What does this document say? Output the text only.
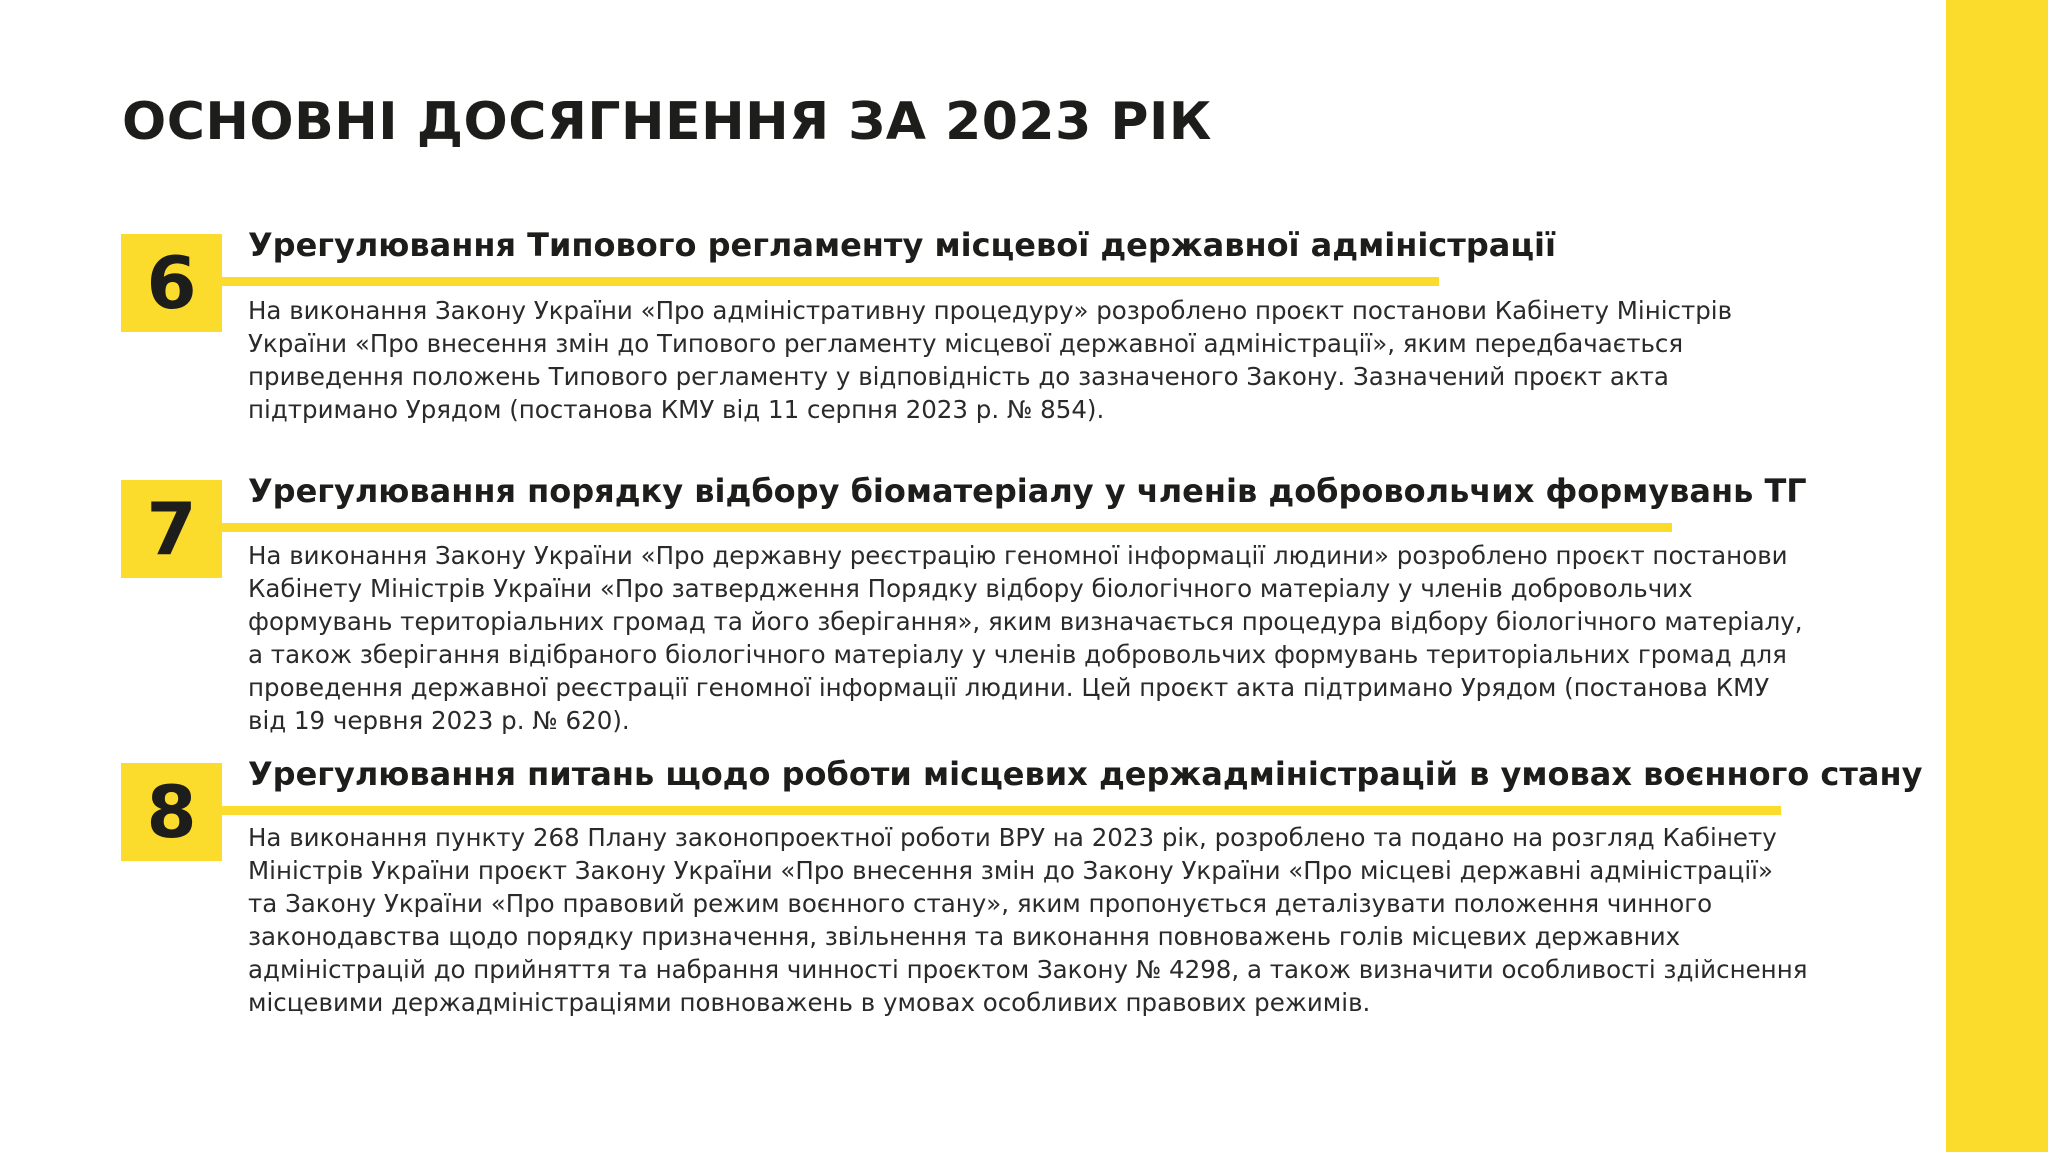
ОСНОВНІ ДОСЯГНЕННЯ ЗА 2023 РІК
6	Урегулювання Типового регламенту місцевої державної адміністрації

На виконання Закону України «Про адміністративну процедуру» розроблено проєкт постанови Кабінету Міністрів України «Про внесення змін до Типового регламенту місцевої державної адміністрації», яким передбачається приведення положень Типового регламенту у відповідність до зазначеного Закону. Зазначений проєкт акта підтримано Урядом (постанова КМУ від 11 серпня 2023 р. № 854).

7	Урегулювання порядку відбору біоматеріалу у членів добровольчих формувань ТГ

На виконання Закону України «Про державну реєстрацію геномної інформації людини» розроблено проєкт постанови Кабінету Міністрів України «Про затвердження Порядку відбору біологічного матеріалу у членів добровольчих формувань територіальних громад та його зберігання», яким визначається процедура відбору біологічного матеріалу, а також зберігання відібраного біологічного матеріалу у членів добровольчих формувань територіальних громад для проведення державної реєстрації геномної інформації людини. Цей проєкт акта підтримано Урядом (постанова КМУ від 19 червня 2023 р. № 620).

8	Урегулювання питань щодо роботи місцевих держадміністрацій в умовах воєнного стану

На виконання пункту 268 Плану законопроектної роботи ВРУ на 2023 рік, розроблено та подано на розгляд Кабінету Міністрів України проєкт Закону України «Про внесення змін до Закону України «Про місцеві державні адміністрації» та Закону України «Про правовий режим воєнного стану», яким пропонується деталізувати положення чинного законодавства щодо порядку призначення, звільнення та виконання повноважень голів місцевих державних адміністрацій до прийняття та набрання чинності проєктом Закону № 4298, а також визначити особливості здійснення місцевими держадміністраціями повноважень в умовах особливих правових режимів.
